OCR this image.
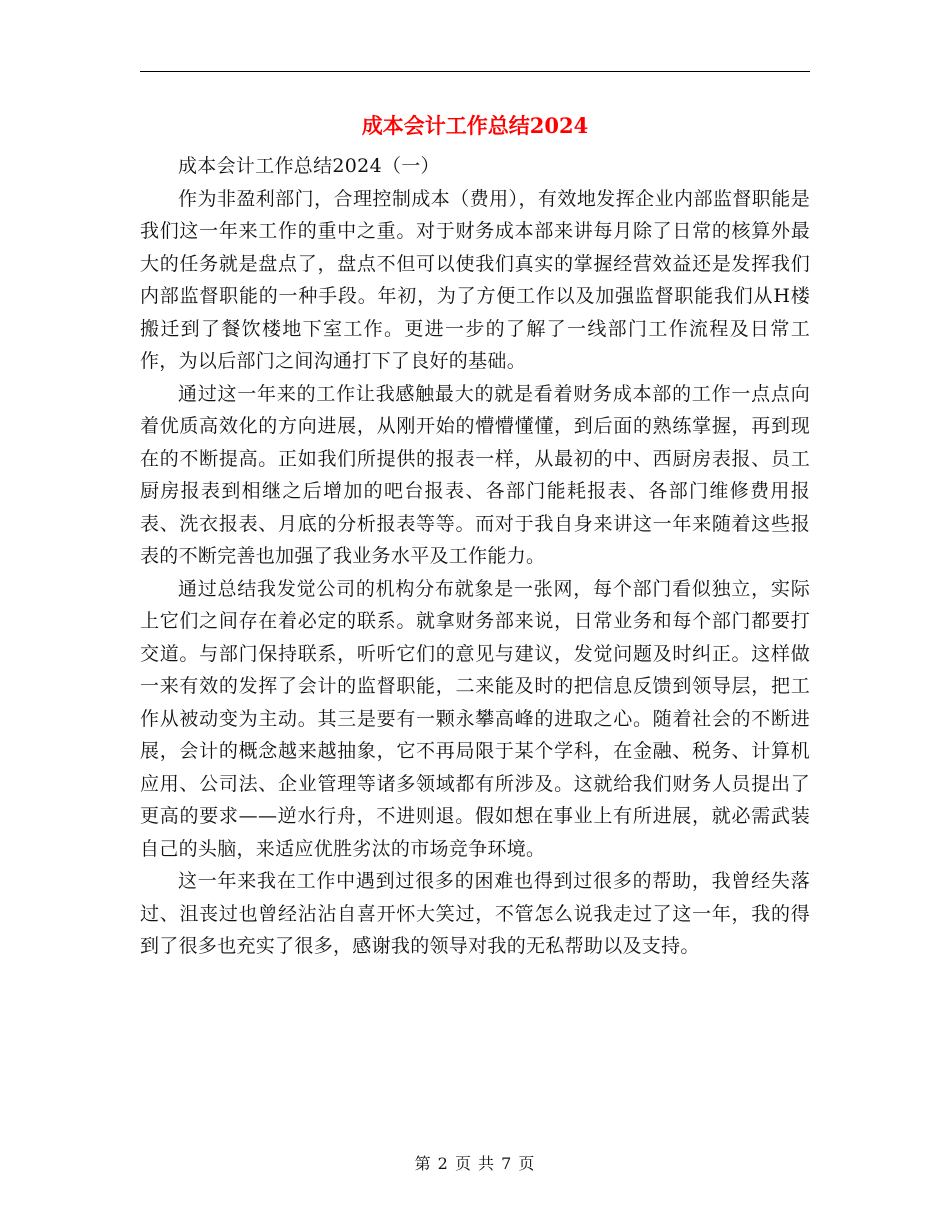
成本会计工作总结2024

成本会计工作总结2024（一）

作为非盈利部门，合理控制成本（费用），有效地发挥企业内部监督职能是我们这一年来工作的重中之重。对于财务成本部来讲每月除了日常的核算外最大的任务就是盘点了，盘点不但可以使我们真实的掌握经营效益还是发挥我们内部监督职能的一种手段。年初，为了方便工作以及加强监督职能我们从H楼搬迁到了餐饮楼地下室工作。更进一步的了解了一线部门工作流程及日常工作，为以后部门之间沟通打下了良好的基础。

通过这一年来的工作让我感触最大的就是看着财务成本部的工作一点点向着优质高效化的方向进展，从刚开始的懵懵懂懂，到后面的熟练掌握，再到现在的不断提高。正如我们所提供的报表一样，从最初的中、西厨房表报、员工厨房报表到相继之后增加的吧台报表、各部门能耗报表、各部门维修费用报表、洗衣报表、月底的分析报表等等。而对于我自身来讲这一年来随着这些报表的不断完善也加强了我业务水平及工作能力。

通过总结我发觉公司的机构分布就象是一张网，每个部门看似独立，实际上它们之间存在着必定的联系。就拿财务部来说，日常业务和每个部门都要打交道。与部门保持联系，听听它们的意见与建议，发觉问题及时纠正。这样做一来有效的发挥了会计的监督职能，二来能及时的把信息反馈到领导层，把工作从被动变为主动。其三是要有一颗永攀高峰的进取之心。随着社会的不断进展，会计的概念越来越抽象，它不再局限于某个学科，在金融、税务、计算机应用、公司法、企业管理等诸多领域都有所涉及。这就给我们财务人员提出了更高的要求——逆水行舟，不进则退。假如想在事业上有所进展，就必需武装自己的头脑，来适应优胜劣汰的市场竞争环境。

这一年来我在工作中遇到过很多的困难也得到过很多的帮助，我曾经失落过、沮丧过也曾经沾沾自喜开怀大笑过，不管怎么说我走过了这一年，我的得到了很多也充实了很多，感谢我的领导对我的无私帮助以及支持。

第 2 页 共 7 页
